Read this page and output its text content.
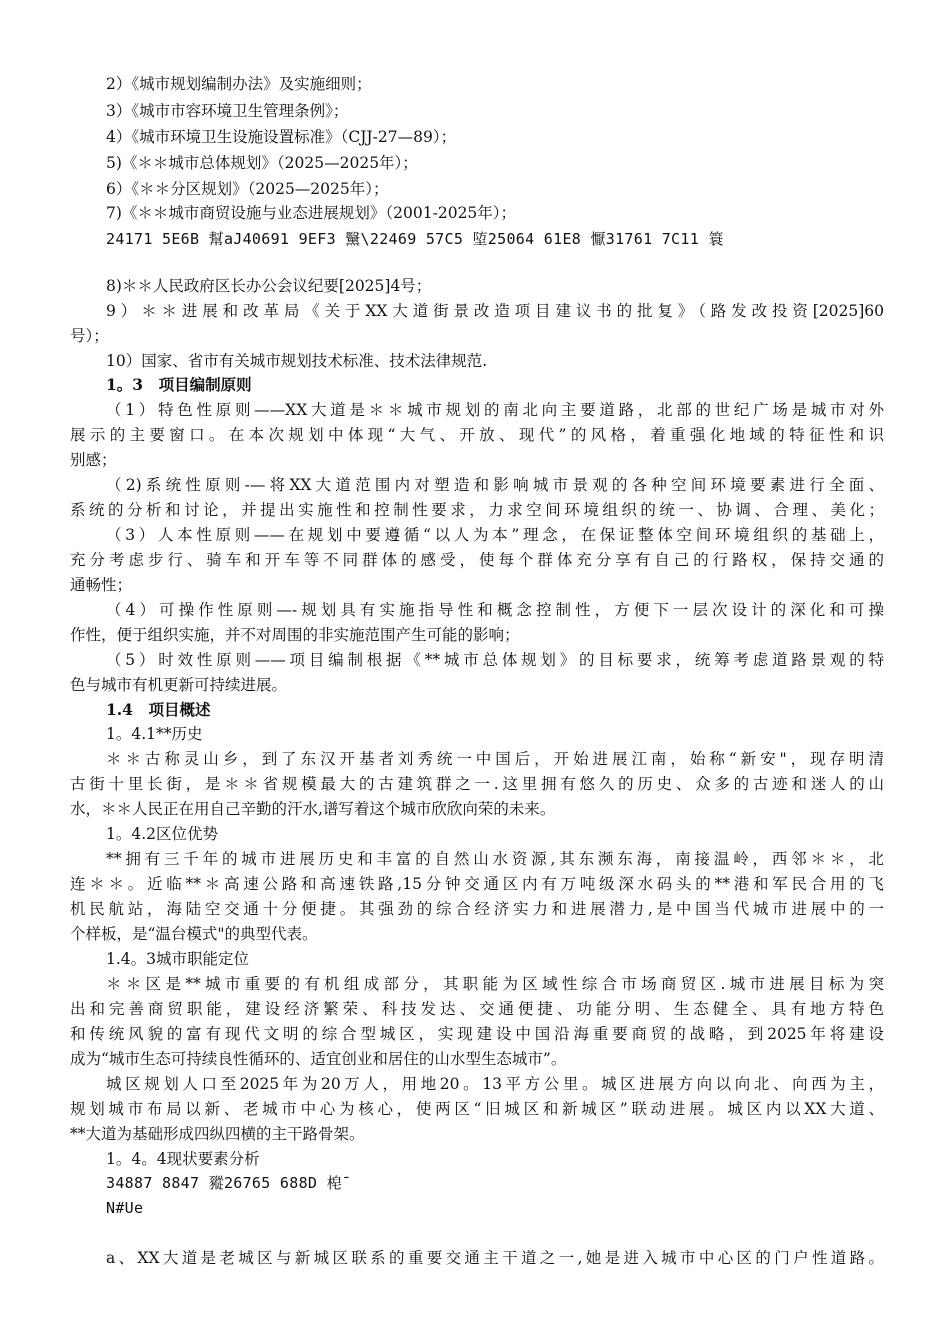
2）《城市规划编制办法》及实施细则；
3）《城市市容环境卫生管理条例》；
4）《城市环境卫生设施设置标准》（CJJ-27—89）；
5)《＊＊城市总体规划》（2025—2025年）；
6）《＊＊分区规划》（2025—2025年）；
7)《＊＊城市商贸设施与业态进展规划》（2001-2025年）；
24171 5E6B 幫aJ40691 9EF3 黳\22469 57C5 埅25064 61E8 懨31761 7C11 簑
8)＊＊人民政府区长办公会议纪要[2025]4号；
9）＊＊进展和改革局《关于XX大道街景改造项目建议书的批复》（路发改投资[2025]60
号）；
10）国家、省市有关城市规划技术标准、技术法律规范.
1。3　项目编制原则
（1）特色性原则——XX大道是＊＊城市规划的南北向主要道路，北部的世纪广场是城市对外
展示的主要窗口。在本次规划中体现“大气、开放、现代”的风格，着重强化地域的特征性和识
别感；
（2)系统性原则-—将XX大道范围内对塑造和影响城市景观的各种空间环境要素进行全面、
系统的分析和讨论，并提出实施性和控制性要求，力求空间环境组织的统一、协调、合理、美化；
（3）人本性原则——在规划中要遵循“以人为本”理念，在保证整体空间环境组织的基础上，
充分考虑步行、骑车和开车等不同群体的感受，使每个群体充分享有自己的行路权，保持交通的
通畅性；
（4）可操作性原则—-规划具有实施指导性和概念控制性，方便下一层次设计的深化和可操
作性，便于组织实施，并不对周围的非实施范围产生可能的影响；
（5）时效性原则——项目编制根据《**城市总体规划》的目标要求，统筹考虑道路景观的特
色与城市有机更新可持续进展。
1.4　项目概述
1。4.1**历史
＊＊古称灵山乡，到了东汉开基者刘秀统一中国后，开始进展江南，始称“新安"，现存明清
古街十里长街，是＊＊省规模最大的古建筑群之一.这里拥有悠久的历史、众多的古迹和迷人的山
水，＊＊人民正在用自己辛勤的汗水,谱写着这个城市欣欣向荣的未来。
1。4.2区位优势
**拥有三千年的城市进展历史和丰富的自然山水资源,其东濒东海，南接温岭，西邻＊＊，北
连＊＊。近临**＊高速公路和高速铁路,15分钟交通区内有万吨级深水码头的**港和军民合用的飞
机民航站，海陆空交通十分便捷。其强劲的综合经济实力和进展潜力,是中国当代城市进展中的一
个样板，是“温台模式"的典型代表。
1.4。3城市职能定位
＊＊区是**城市重要的有机组成部分，其职能为区域性综合市场商贸区.城市进展目标为突
出和完善商贸职能，建设经济繁荣、科技发达、交通便捷、功能分明、生态健全、具有地方特色
和传统风貌的富有现代文明的综合型城区，实现建设中国沿海重要商贸的战略，到2025年将建设
成为“城市生态可持续良性循环的、适宜创业和居住的山水型生态城市”。
城区规划人口至2025年为20万人，用地20。13平方公里。城区进展方向以向北、向西为主，
规划城市布局以新、老城市中心为核心，使两区“旧城区和新城区”联动进展。城区内以XX大道、
**大道为基础形成四纵四横的主干路骨架。
1。4。4现状要素分析
34887 8847 豵26765 688D 梍¯
N#Ue
a、XX大道是老城区与新城区联系的重要交通主干道之一,她是进入城市中心区的门户性道路。
